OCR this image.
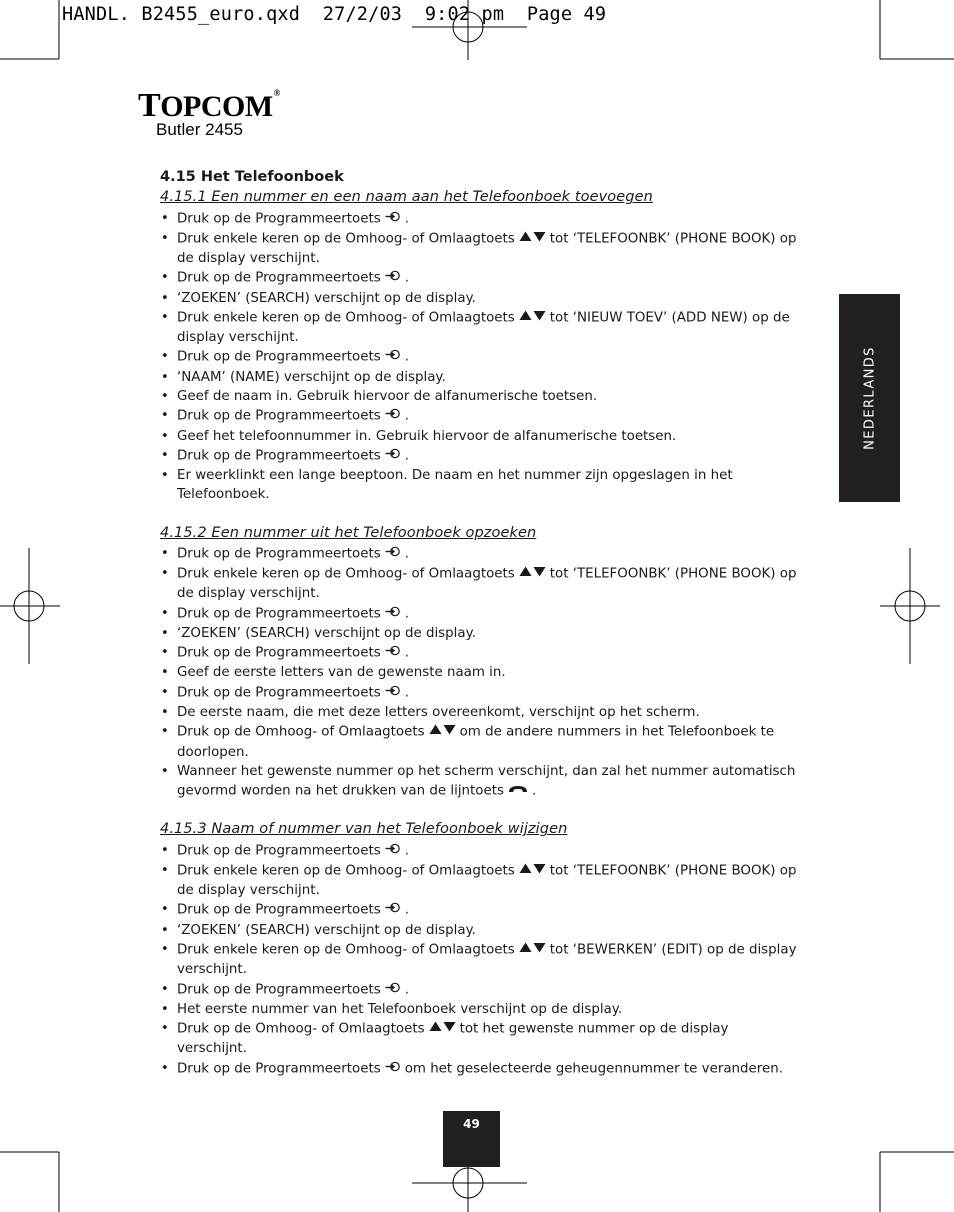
HANDL. B2455_euro.qxd  27/2/03  9:02 pm  Page 49
TOPCOM®
Butler 2455
NEDERLANDS
4.15 Het Telefoonboek
4.15.1 Een nummer en een naam aan het Telefoonboek toevoegen
• Druk op de Programmeertoets .
• Druk enkele keren op de Omhoog- of Omlaagtoets	tot ‘TELEFOONBK’ (PHONE BOOK) op de display verschijnt.
• Druk op de Programmeertoets .
• ‘ZOEKEN’ (SEARCH) verschijnt op de display.
• Druk enkele keren op de Omhoog- of Omlaagtoets	tot ‘NIEUW TOEV’ (ADD NEW) op de display verschijnt.
• Druk op de Programmeertoets .
• ‘NAAM’ (NAME) verschijnt op de display.
• Geef de naam in. Gebruik hiervoor de alfanumerische toetsen.
• Druk op de Programmeertoets .
• Geef het telefoonnummer in. Gebruik hiervoor de alfanumerische toetsen.
• Druk op de Programmeertoets .
• Er weerklinkt een lange beeptoon. De naam en het nummer zijn opgeslagen in het Telefoonboek.
4.15.2 Een nummer uit het Telefoonboek opzoeken
• Druk op de Programmeertoets .
• Druk enkele keren op de Omhoog- of Omlaagtoets	tot ‘TELEFOONBK’ (PHONE BOOK) op de display verschijnt.
• Druk op de Programmeertoets .
• ‘ZOEKEN’ (SEARCH) verschijnt op de display.
• Druk op de Programmeertoets .
• Geef de eerste letters van de gewenste naam in.
• Druk op de Programmeertoets .
• De eerste naam, die met deze letters overeenkomt, verschijnt op het scherm.
• Druk op de Omhoog- of Omlaagtoets	om de andere nummers in het Telefoonboek te doorlopen.
• Wanneer het gewenste nummer op het scherm verschijnt, dan zal het nummer automatisch gevormd worden na het drukken van de lijntoets .
4.15.3 Naam of nummer van het Telefoonboek wijzigen
• Druk op de Programmeertoets .
• Druk enkele keren op de Omhoog- of Omlaagtoets	tot ‘TELEFOONBK’ (PHONE BOOK) op de display verschijnt.
• Druk op de Programmeertoets .
• ‘ZOEKEN’ (SEARCH) verschijnt op de display.
• Druk enkele keren op de Omhoog- of Omlaagtoets	tot ‘BEWERKEN’ (EDIT) op de display verschijnt.
• Druk op de Programmeertoets .
• Het eerste nummer van het Telefoonboek verschijnt op de display.
• Druk op de Omhoog- of Omlaagtoets	tot het gewenste nummer op de display verschijnt.
• Druk op de Programmeertoets om het geselecteerde geheugennummer te veranderen.
49
